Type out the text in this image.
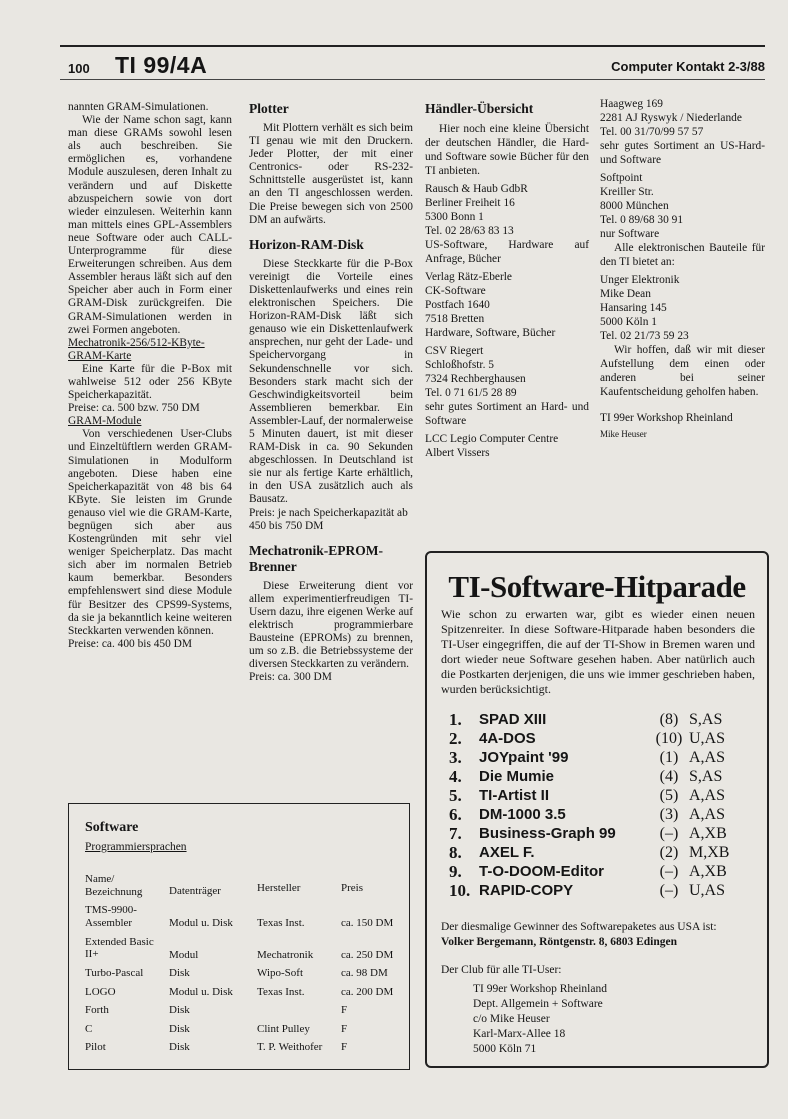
100 TI 99/4A	Computer Kontakt 2-3/88

nannten GRAM-Simulationen.

Wie der Name schon sagt, kann man diese GRAMs sowohl lesen als auch beschreiben. Sie ermöglichen es, vorhandene Module auszulesen, deren Inhalt zu verändern und auf Diskette abzuspeichern sowie von dort wieder einzulesen. Weiterhin kann man mittels eines GPL-Assemblers neue Software oder auch CALL-Unterprogramme für diese Erweiterungen schreiben. Aus dem Assembler heraus läßt sich auf den Speicher aber auch in Form einer GRAM-Disk zurückgreifen. Die GRAM-Simulationen werden in zwei Formen angeboten.

Mechatronik-256/512-KByte-GRAM-Karte

Eine Karte für die P-Box mit wahlweise 512 oder 256 KByte Speicherkapazität.

Preise: ca. 500 bzw. 750 DM

GRAM-Module

Von verschiedenen User-Clubs und Einzeltüftlern werden GRAM-Simulationen in Modulform angeboten. Diese haben eine Speicherkapazität von 48 bis 64 KByte. Sie leisten im Grunde genauso viel wie die GRAM-Karte, begnügen sich aber aus Kostengründen mit sehr viel weniger Speicherplatz. Das macht sich aber im normalen Betrieb kaum bemerkbar. Besonders empfehlenswert sind diese Module für Besitzer des CPS99-Systems, da sie ja bekanntlich keine weiteren Steckkarten verwenden können.

Preise: ca. 400 bis 450 DM

Plotter

Mit Plottern verhält es sich beim TI genau wie mit den Druckern. Jeder Plotter, der mit einer Centronics- oder RS-232-Schnittstelle ausgerüstet ist, kann an den TI angeschlossen werden. Die Preise bewegen sich von 2500 DM an aufwärts.

Horizon-RAM-Disk

Diese Steckkarte für die P-Box vereinigt die Vorteile eines Diskettenlaufwerks und eines rein elektronischen Speichers. Die Horizon-RAM-Disk läßt sich genauso wie ein Diskettenlaufwerk ansprechen, nur geht der Lade- und Speichervorgang in Sekundenschnelle vor sich. Besonders stark macht sich der Geschwindigkeitsvorteil beim Assemblieren bemerkbar. Ein Assembler-Lauf, der normalerweise 5 Minuten dauert, ist mit dieser RAM-Disk in ca. 90 Sekunden abgeschlossen. In Deutschland ist sie nur als fertige Karte erhältlich, in den USA zusätzlich auch als Bausatz.

Preis: je nach Speicherkapazität ab 450 bis 750 DM

Mechatronik-EPROM-Brenner

Diese Erweiterung dient vor allem experimentierfreudigen TI-Usern dazu, ihre eigenen Werke auf elektrisch programmierbare Bausteine (EPROMs) zu brennen, um so z.B. die Betriebssysteme der diversen Steckkarten zu verändern.

Preis: ca. 300 DM

Händler-Übersicht

Hier noch eine kleine Übersicht der deutschen Händler, die Hard- und Software sowie Bücher für den TI anbieten.

Rausch & Haub GdbR
Berliner Freiheit 16
5300 Bonn 1
Tel. 02 28/63 83 13

US-Software, Hardware auf Anfrage, Bücher

Verlag Rätz-Eberle
CK-Software
Postfach 1640
7518 Bretten

Hardware, Software, Bücher

CSV Riegert
Schloßhofstr. 5
7324 Rechberghausen
Tel. 0 71 61/5 28 89

sehr gutes Sortiment an Hard- und Software

LCC Legio Computer Centre
Albert Vissers
Haagweg 169
2281 AJ Ryswyk / Niederlande
Tel. 00 31/70/99 57 57

sehr gutes Sortiment an US-Hard- und Software

Softpoint
Kreiller Str.
8000 München
Tel. 0 89/68 30 91

nur Software

Alle elektronischen Bauteile für den TI bietet an:

Unger Elektronik
Mike Dean
Hansaring 145
5000 Köln 1
Tel. 02 21/73 59 23

Wir hoffen, daß wir mit dieser Aufstellung dem einen oder anderen bei seiner Kaufentscheidung geholfen haben.

TI 99er Workshop Rheinland

Mike Heuser

Software
Programmiersprachen
Name/ Bezeichnung	Datenträger	Hersteller	Preis
TMS-9900-Assembler	Modul u. Disk	Texas Inst.	ca. 150 DM
Extended Basic II+	Modul	Mechatronik	ca. 250 DM
Turbo-Pascal	Disk	Wipo-Soft	ca. 98 DM
LOGO	Modul u. Disk	Texas Inst.	ca. 200 DM
Forth	Disk		F
C	Disk	Clint Pulley	F
Pilot	Disk	T. P. Weithofer	F
TI-Software-Hitparade

Wie schon zu erwarten war, gibt es wieder einen neuen Spitzenreiter. In diese Software-Hitparade haben besonders die TI-User eingegriffen, die auf der TI-Show in Bremen waren und dort wieder neue Software gesehen haben. Aber natürlich auch die Postkarten derjenigen, die uns wie immer geschrieben haben, wurden berücksichtigt.

1.	SPAD XIII	(8)	S,AS
2.	4A-DOS	(10)	U,AS
3.	JOYpaint '99	(1)	A,AS
4.	Die Mumie	(4)	S,AS
5.	TI-Artist II	(5)	A,AS
6.	DM-1000 3.5	(3)	A,AS
7.	Business-Graph 99	(–)	A,XB
8.	AXEL F.	(2)	M,XB
9.	T-O-DOOM-Editor	(–)	A,XB
10.	RAPID-COPY	(–)	U,AS
Der diesmalige Gewinner des Softwarepaketes aus USA ist:
Volker Bergemann, Röntgenstr. 8, 6803 Edingen
Der Club für alle TI-User:
TI 99er Workshop Rheinland
Dept. Allgemein + Software
c/o Mike Heuser
Karl-Marx-Allee 18
5000 Köln 71
